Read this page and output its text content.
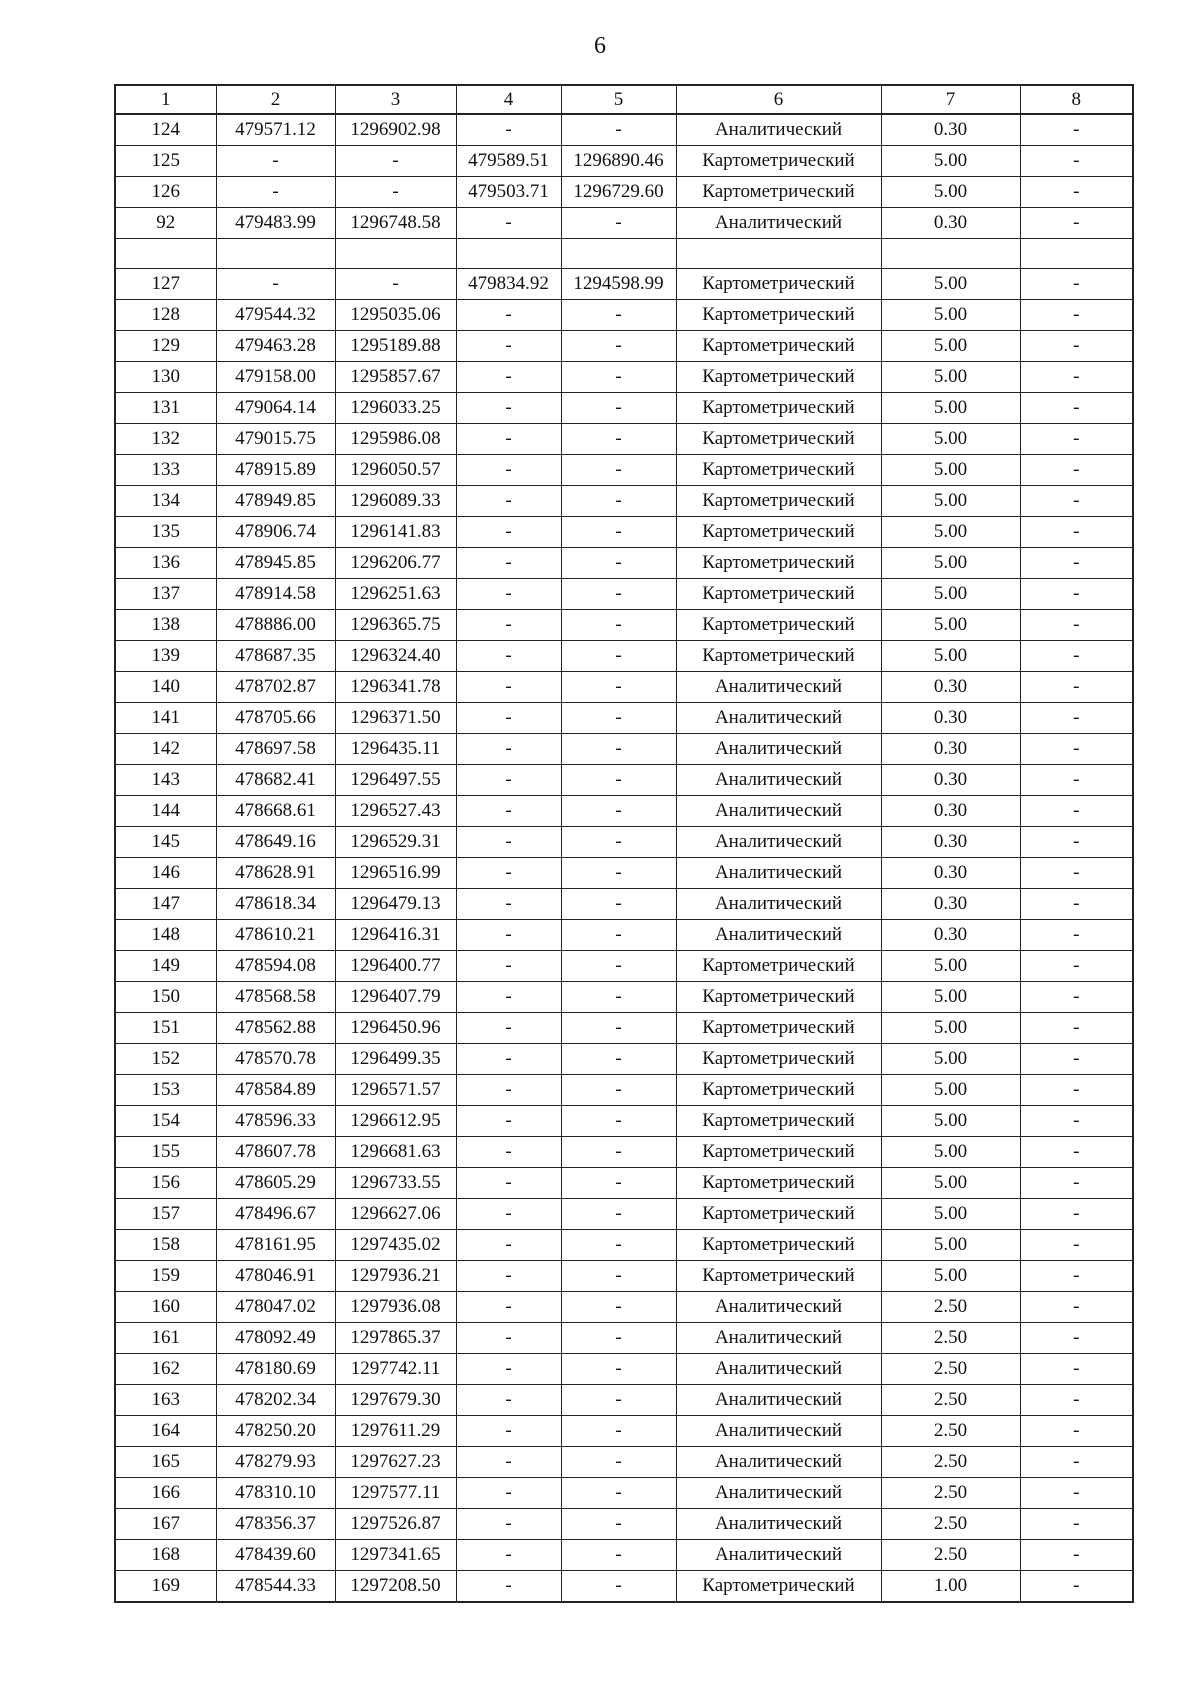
6
1	2	3	4	5	6	7	8
124	479571.12	1296902.98	-	-	Аналитический	0.30	-
125	-	-	479589.51	1296890.46	Картометрический	5.00	-
126	-	-	479503.71	1296729.60	Картометрический	5.00	-
92	479483.99	1296748.58	-	-	Аналитический	0.30	-

127	-	-	479834.92	1294598.99	Картометрический	5.00	-
128	479544.32	1295035.06	-	-	Картометрический	5.00	-
129	479463.28	1295189.88	-	-	Картометрический	5.00	-
130	479158.00	1295857.67	-	-	Картометрический	5.00	-
131	479064.14	1296033.25	-	-	Картометрический	5.00	-
132	479015.75	1295986.08	-	-	Картометрический	5.00	-
133	478915.89	1296050.57	-	-	Картометрический	5.00	-
134	478949.85	1296089.33	-	-	Картометрический	5.00	-
135	478906.74	1296141.83	-	-	Картометрический	5.00	-
136	478945.85	1296206.77	-	-	Картометрический	5.00	-
137	478914.58	1296251.63	-	-	Картометрический	5.00	-
138	478886.00	1296365.75	-	-	Картометрический	5.00	-
139	478687.35	1296324.40	-	-	Картометрический	5.00	-
140	478702.87	1296341.78	-	-	Аналитический	0.30	-
141	478705.66	1296371.50	-	-	Аналитический	0.30	-
142	478697.58	1296435.11	-	-	Аналитический	0.30	-
143	478682.41	1296497.55	-	-	Аналитический	0.30	-
144	478668.61	1296527.43	-	-	Аналитический	0.30	-
145	478649.16	1296529.31	-	-	Аналитический	0.30	-
146	478628.91	1296516.99	-	-	Аналитический	0.30	-
147	478618.34	1296479.13	-	-	Аналитический	0.30	-
148	478610.21	1296416.31	-	-	Аналитический	0.30	-
149	478594.08	1296400.77	-	-	Картометрический	5.00	-
150	478568.58	1296407.79	-	-	Картометрический	5.00	-
151	478562.88	1296450.96	-	-	Картометрический	5.00	-
152	478570.78	1296499.35	-	-	Картометрический	5.00	-
153	478584.89	1296571.57	-	-	Картометрический	5.00	-
154	478596.33	1296612.95	-	-	Картометрический	5.00	-
155	478607.78	1296681.63	-	-	Картометрический	5.00	-
156	478605.29	1296733.55	-	-	Картометрический	5.00	-
157	478496.67	1296627.06	-	-	Картометрический	5.00	-
158	478161.95	1297435.02	-	-	Картометрический	5.00	-
159	478046.91	1297936.21	-	-	Картометрический	5.00	-
160	478047.02	1297936.08	-	-	Аналитический	2.50	-
161	478092.49	1297865.37	-	-	Аналитический	2.50	-
162	478180.69	1297742.11	-	-	Аналитический	2.50	-
163	478202.34	1297679.30	-	-	Аналитический	2.50	-
164	478250.20	1297611.29	-	-	Аналитический	2.50	-
165	478279.93	1297627.23	-	-	Аналитический	2.50	-
166	478310.10	1297577.11	-	-	Аналитический	2.50	-
167	478356.37	1297526.87	-	-	Аналитический	2.50	-
168	478439.60	1297341.65	-	-	Аналитический	2.50	-
169	478544.33	1297208.50	-	-	Картометрический	1.00	-
